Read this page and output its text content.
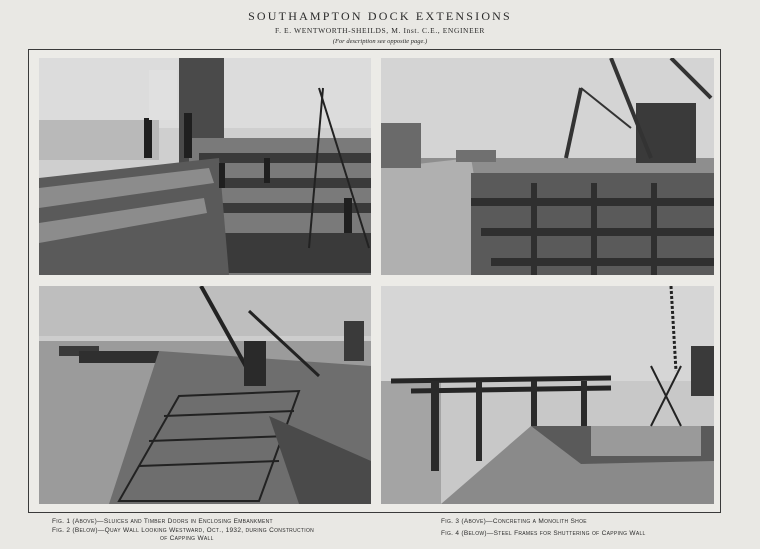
SOUTHAMPTON DOCK EXTENSIONS
F. E. WENTWORTH-SHEILDS, M. Inst. C.E., ENGINEER
(For description see opposite page.)
Fig. 1 (Above)—Sluices and Timber Doors in Enclosing Embankment
Fig. 2 (Below)—Quay Wall Looking Westward, Oct., 1932, during Construction
of Capping Wall
Fig. 3 (Above)—Concreting a Monolith Shoe
Fig. 4 (Below)—Steel Frames for Shuttering of Capping Wall
